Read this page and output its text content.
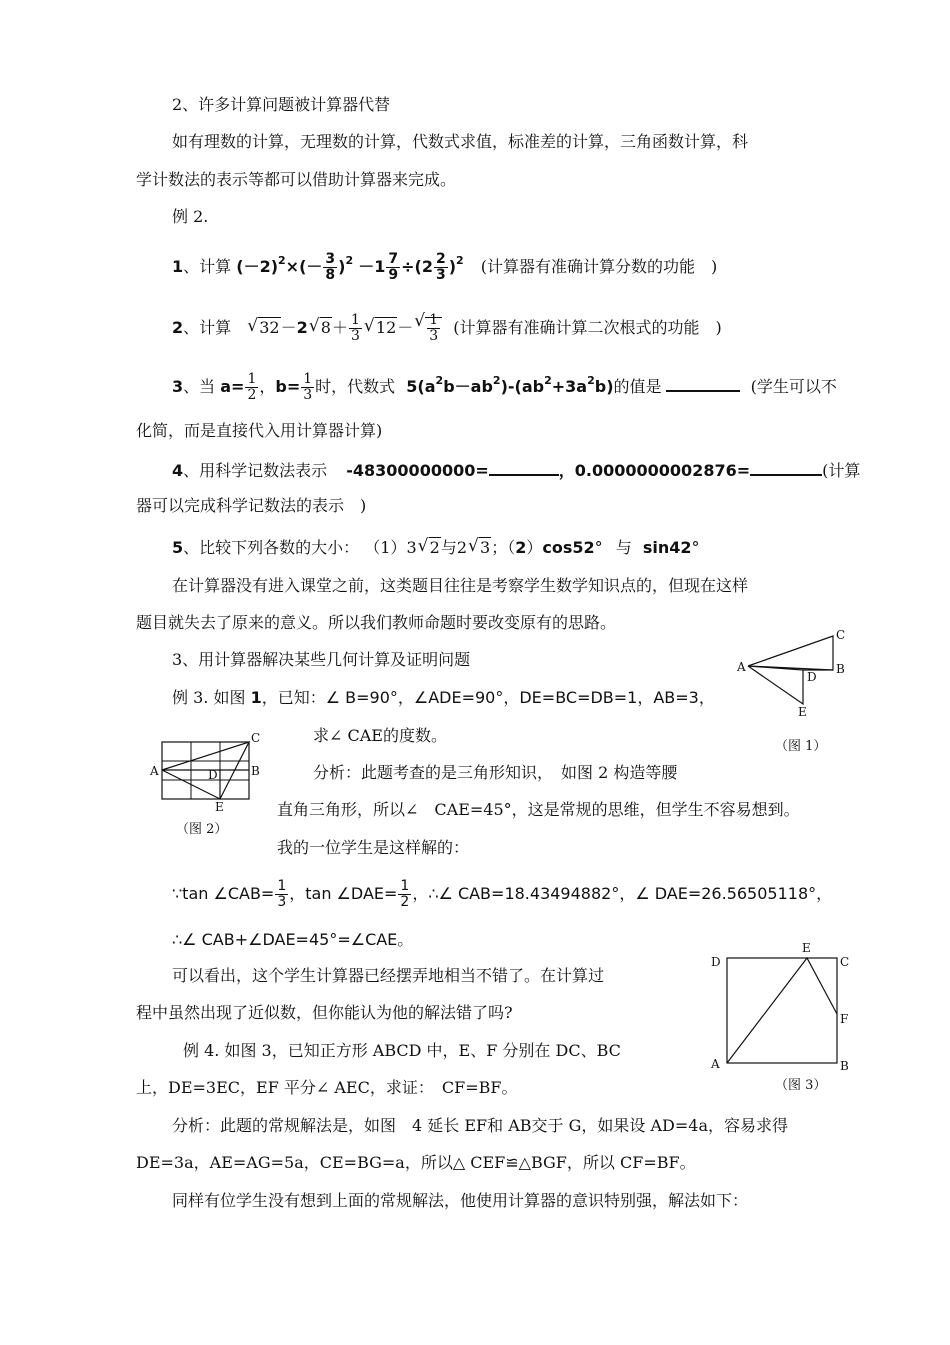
2、许多计算问题被计算器代替
如有理数的计算，无理数的计算，代数式求值，标准差的计算，三角函数计算，科
学计数法的表示等都可以借助计算器来完成。
例 2.
1、计算 $(-2)^2\times(- \frac{3}{8} )^2 -1 \frac{7}{9} \div(2 \frac{2}{3} )^2$ (计算器有准确计算分数的功能　)
2、计算 √ 32－2 √ $8+ \frac{1}{3}$ √ 12－ √ $\frac{1}{3}$ (计算器有准确计算二次根式的功能　)
3、当 $a= \frac{1}{2}$ ，$b= \frac{1}{3}$ 时，代数式 $5(a^2b-ab^2)-(ab^2+3a^2b)$的值是	(学生可以不
化简，而是直接代入用计算器计算)
4、用科学记数法表示 -48300000000=	，0.0000000002876=	(计算
器可以完成科学记数法的表示　)
5、比较下列各数的大小： （1）3 √ 2与2 √ 3；（2）cos52° 与 sin42°
在计算器没有进入课堂之前，这类题目往往是考察学生数学知识点的，但现在这样
题目就失去了原来的意义。所以我们教师命题时要改变原有的思路。
3、用计算器解决某些几何计算及证明问题
例 3. 如图 1，已知：∠ B=90°，∠ADE=90°，DE=BC=DB=1，AB=3，
求∠ CAE的度数。
分析：此题考查的是三角形知识，　如图 2 构造等腰
直角三角形，所以∠　CAE=45°，这是常规的思维，但学生不容易想到。
我的一位学生是这样解的：
∵tan ∠CAB= $\frac{1}{3}$ ，tan ∠DAE= $\frac{1}{2}$ ，∴∠ CAB=18.43494882°，∠ DAE=26.56505118°，
∴∠ CAB+∠DAE=45°=∠CAE。
可以看出，这个学生计算器已经摆弄地相当不错了。在计算过
程中虽然出现了近似数，但你能认为他的解法错了吗?
例 4. 如图 3，已知正方形 ABCD 中，E、F 分别在 DC、BC
上，DE=3EC，EF 平分∠ AEC，求证：　CF=BF。
分析：此题的常规解法是，如图　4 延长 EF和 AB交于 G，如果设 AD=4a，容易求得
DE=3a，AE=AG=5a，CE=BG=a，所以△ CEF≌△BGF，所以 CF=BF。
同样有位学生没有想到上面的常规解法，他使用计算器的意识特别强，解法如下：
A
C
B
D
E
（图 1）
A
C
B
D
E
（图 2）
E
D	C
F
A	B
（图 3）
